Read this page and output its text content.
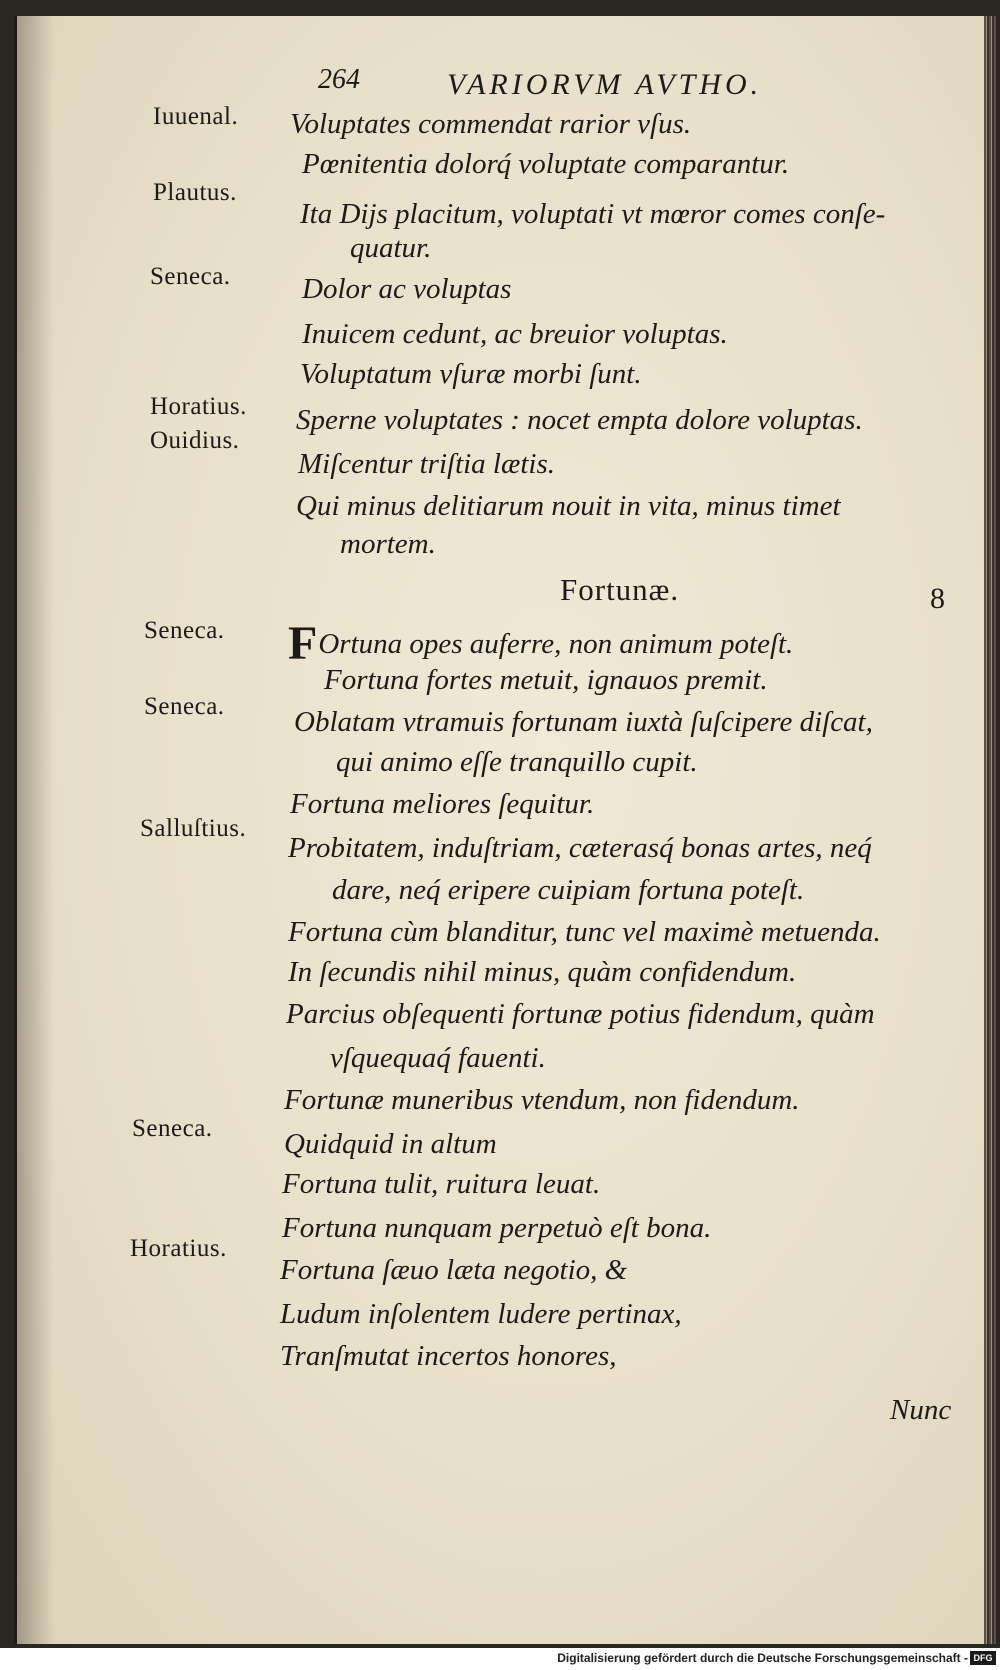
264	VARIORVM AVTHO.
Iuuenal. Voluptates commendat rarior vſus.
Pœnitentia dolorq́ voluptate comparantur.
Plautus.
Ita Dijs placitum, voluptati vt mœror comes conſe-
quatur.
Seneca. Dolor ac voluptas
Inuicem cedunt, ac breuior voluptas.
Voluptatum vſuræ morbi ſunt.
Horatius. Sperne voluptates : nocet empta dolore voluptas.
Ouidius.
Miſcentur triſtia lætis.
Qui minus delitiarum nouit in vita, minus timet
mortem.
Fortunæ.	8
Seneca. FOrtuna opes auferre, non animum poteſt.
Fortuna fortes metuit, ignauos premit.
Seneca. Oblatam vtramuis fortunam iuxtà ſuſcipere diſcat,
qui animo eſſe tranquillo cupit.
Fortuna meliores ſequitur.
Salluſtius.
Probitatem, induſtriam, cæterasq́ bonas artes, neq́
dare, neq́ eripere cuipiam fortuna poteſt.
Fortuna cùm blanditur, tunc vel maximè metuenda.
In ſecundis nihil minus, quàm confidendum.
Parcius obſequenti fortunæ potius fidendum, quàm
vſquequaq́ fauenti.
Fortunæ muneribus vtendum, non fidendum.
Seneca. Quidquid in altum
Fortuna tulit, ruitura leuat.
Fortuna nunquam perpetuò eſt bona.
Horatius.
Fortuna ſæuo læta negotio, &
Ludum inſolentem ludere pertinax,
Tranſmutat incertos honores,
Nunc
Digitalisierung gefördert durch die Deutsche Forschungsgemeinschaft - DFG
